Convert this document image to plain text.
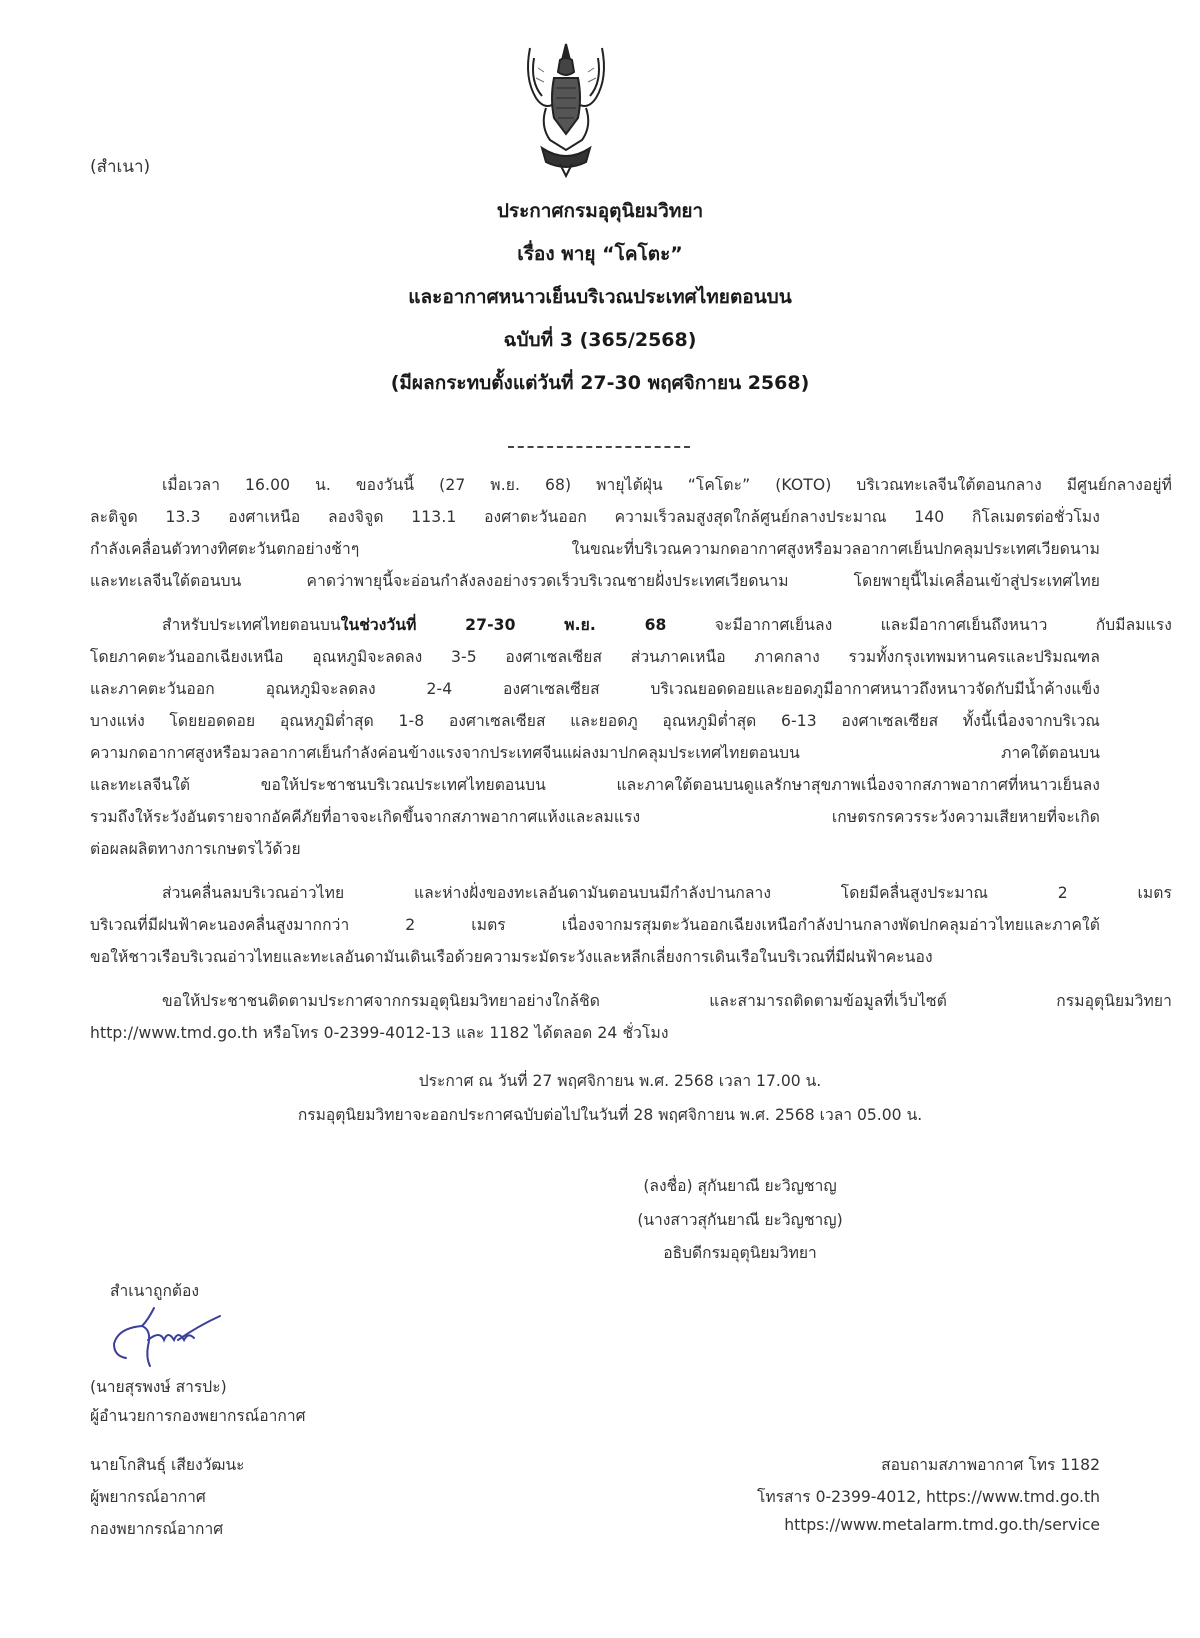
(สำเนา)
ประกาศกรมอุตุนิยมวิทยา
เรื่อง พายุ “โคโตะ”
และอากาศหนาวเย็นบริเวณประเทศไทยตอนบน
ฉบับที่ 3 (365/2568)
(มีผลกระทบตั้งแต่วันที่ 27-30 พฤศจิกายน 2568)
เมื่อเวลา 16.00 น. ของวันนี้ (27 พ.ย. 68) พายุไต้ฝุ่น “โคโตะ” (KOTO) บริเวณทะเลจีนใต้ตอนกลาง มีศูนย์กลางอยู่ที่
ละติจูด 13.3 องศาเหนือ ลองจิจูด 113.1 องศาตะวันออก ความเร็วลมสูงสุดใกล้ศูนย์กลางประมาณ 140 กิโลเมตรต่อชั่วโมง
กำลังเคลื่อนตัวทางทิศตะวันตกอย่างช้าๆ ในขณะที่บริเวณความกดอากาศสูงหรือมวลอากาศเย็นปกคลุมประเทศเวียดนาม
และทะเลจีนใต้ตอนบน คาดว่าพายุนี้จะอ่อนกำลังลงอย่างรวดเร็วบริเวณชายฝั่งประเทศเวียดนาม โดยพายุนี้ไม่เคลื่อนเข้าสู่ประเทศไทย
สำหรับประเทศไทยตอนบนในช่วงวันที่ 27-30 พ.ย. 68 จะมีอากาศเย็นลง และมีอากาศเย็นถึงหนาว กับมีลมแรง
โดยภาคตะวันออกเฉียงเหนือ อุณหภูมิจะลดลง 3-5 องศาเซลเซียส ส่วนภาคเหนือ ภาคกลาง รวมทั้งกรุงเทพมหานครและปริมณฑล
และภาคตะวันออก อุณหภูมิจะลดลง 2-4 องศาเซลเซียส บริเวณยอดดอยและยอดภูมีอากาศหนาวถึงหนาวจัดกับมีน้ำค้างแข็ง
บางแห่ง โดยยอดดอย อุณหภูมิต่ำสุด 1-8 องศาเซลเซียส และยอดภู อุณหภูมิต่ำสุด 6-13 องศาเซลเซียส ทั้งนี้เนื่องจากบริเวณ
ความกดอากาศสูงหรือมวลอากาศเย็นกำลังค่อนข้างแรงจากประเทศจีนแผ่ลงมาปกคลุมประเทศไทยตอนบน ภาคใต้ตอนบน
และทะเลจีนใต้ ขอให้ประชาชนบริเวณประเทศไทยตอนบน และภาคใต้ตอนบนดูแลรักษาสุขภาพเนื่องจากสภาพอากาศที่หนาวเย็นลง
รวมถึงให้ระวังอันตรายจากอัคคีภัยที่อาจจะเกิดขึ้นจากสภาพอากาศแห้งและลมแรง เกษตรกรควรระวังความเสียหายที่จะเกิด
ต่อผลผลิตทางการเกษตรไว้ด้วย
ส่วนคลื่นลมบริเวณอ่าวไทย และห่างฝั่งของทะเลอันดามันตอนบนมีกำลังปานกลาง โดยมีคลื่นสูงประมาณ 2 เมตร
บริเวณที่มีฝนฟ้าคะนองคลื่นสูงมากกว่า 2 เมตร เนื่องจากมรสุมตะวันออกเฉียงเหนือกำลังปานกลางพัดปกคลุมอ่าวไทยและภาคใต้
ขอให้ชาวเรือบริเวณอ่าวไทยและทะเลอันดามันเดินเรือด้วยความระมัดระวังและหลีกเลี่ยงการเดินเรือในบริเวณที่มีฝนฟ้าคะนอง
ขอให้ประชาชนติดตามประกาศจากกรมอุตุนิยมวิทยาอย่างใกล้ชิด และสามารถติดตามข้อมูลที่เว็บไซต์ กรมอุตุนิยมวิทยา
http://www.tmd.go.th หรือโทร 0-2399-4012-13 และ 1182 ได้ตลอด 24 ชั่วโมง
ประกาศ ณ วันที่ 27 พฤศจิกายน พ.ศ. 2568 เวลา 17.00 น.
กรมอุตุนิยมวิทยาจะออกประกาศฉบับต่อไปในวันที่ 28 พฤศจิกายน พ.ศ. 2568 เวลา 05.00 น.
(ลงชื่อ) สุกันยาณี ยะวิญชาญ
(นางสาวสุกันยาณี ยะวิญชาญ)
อธิบดีกรมอุตุนิยมวิทยา
สำเนาถูกต้อง
(นายสุรพงษ์ สารปะ)
ผู้อำนวยการกองพยากรณ์อากาศ
นายโกสินธุ์ เสียงวัฒนะ
ผู้พยากรณ์อากาศ
กองพยากรณ์อากาศ
สอบถามสภาพอากาศ โทร 1182
โทรสาร 0-2399-4012, https://www.tmd.go.th
https://www.metalarm.tmd.go.th/service
